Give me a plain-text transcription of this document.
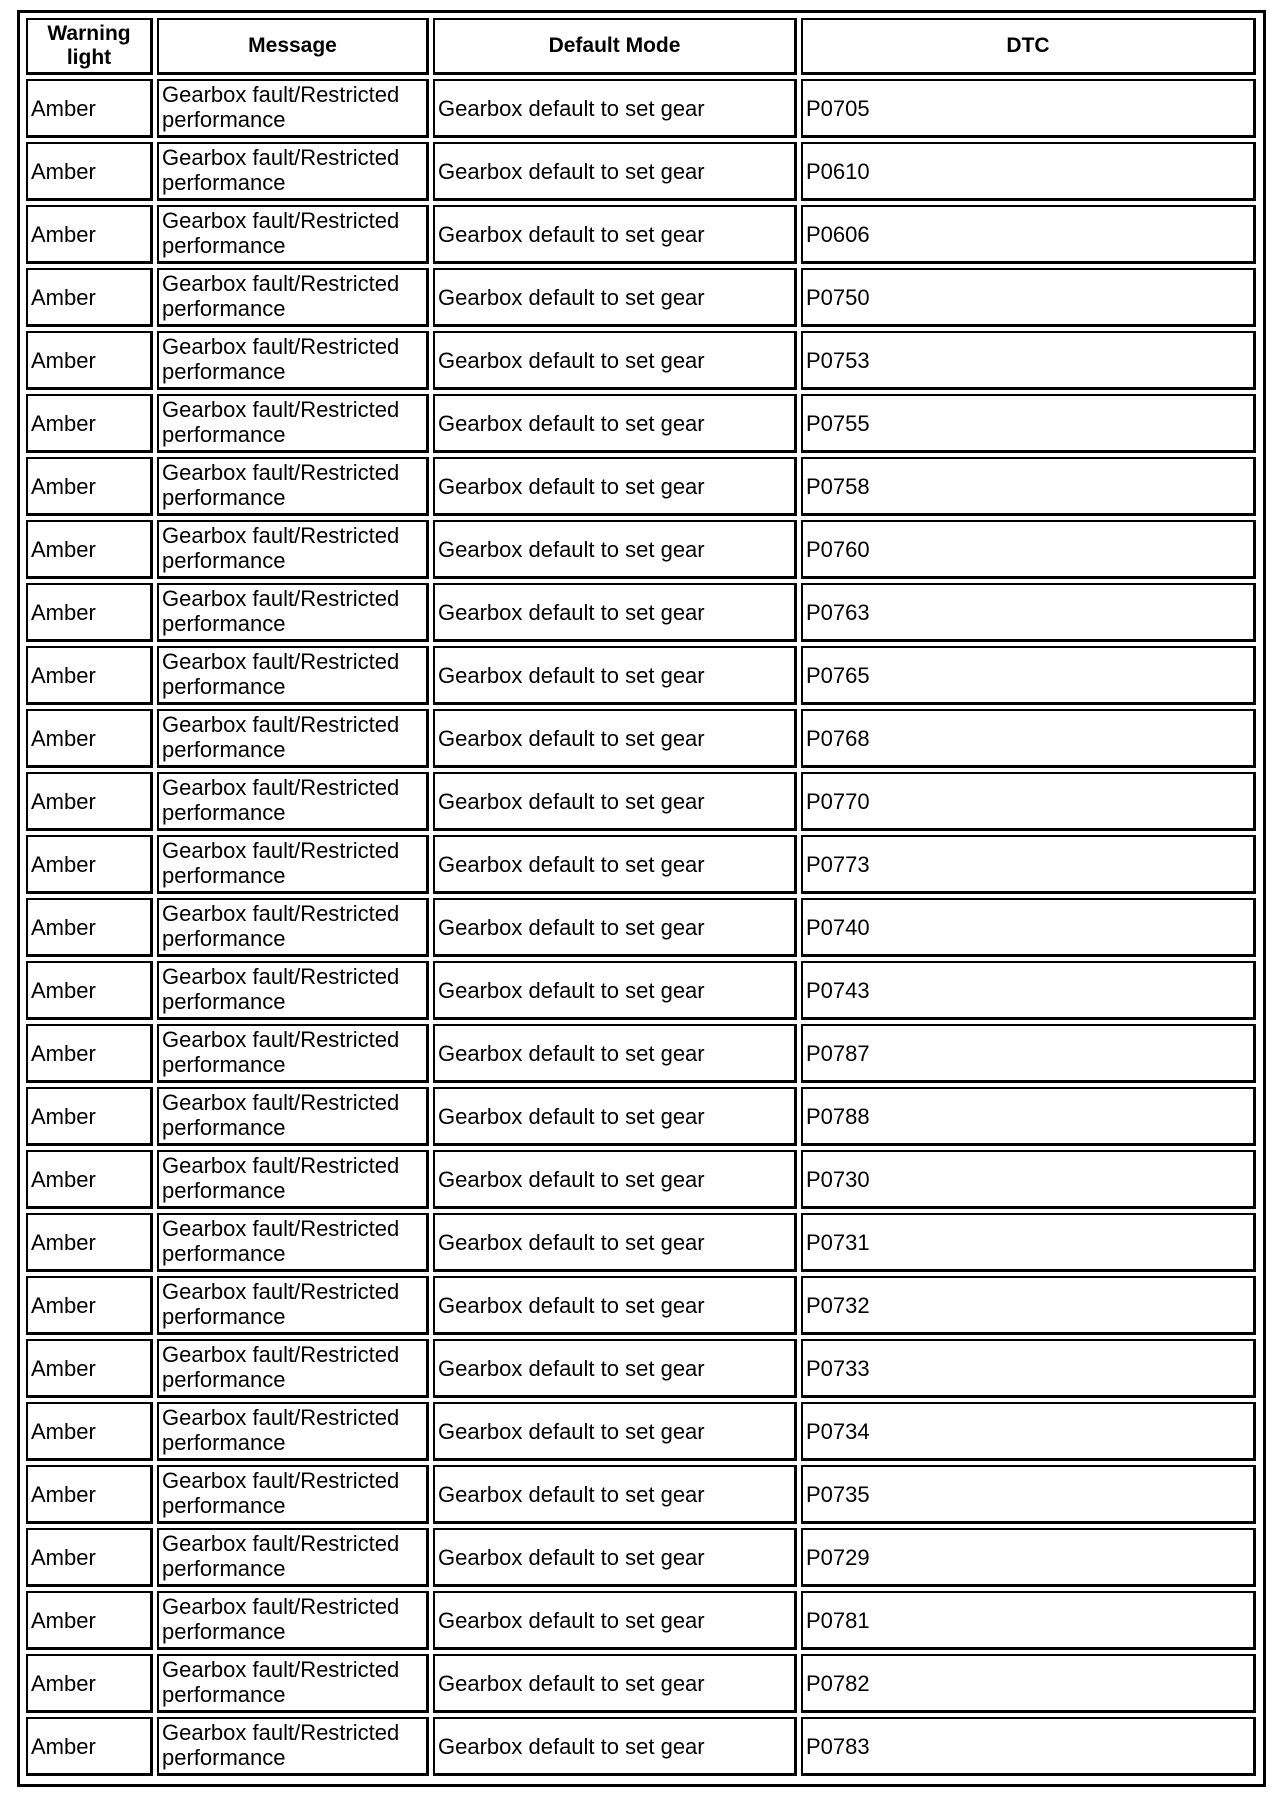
Warning light	Message	Default Mode	DTC
Amber	Gearbox fault/Restricted performance	Gearbox default to set gear	P0705
Amber	Gearbox fault/Restricted performance	Gearbox default to set gear	P0610
Amber	Gearbox fault/Restricted performance	Gearbox default to set gear	P0606
Amber	Gearbox fault/Restricted performance	Gearbox default to set gear	P0750
Amber	Gearbox fault/Restricted performance	Gearbox default to set gear	P0753
Amber	Gearbox fault/Restricted performance	Gearbox default to set gear	P0755
Amber	Gearbox fault/Restricted performance	Gearbox default to set gear	P0758
Amber	Gearbox fault/Restricted performance	Gearbox default to set gear	P0760
Amber	Gearbox fault/Restricted performance	Gearbox default to set gear	P0763
Amber	Gearbox fault/Restricted performance	Gearbox default to set gear	P0765
Amber	Gearbox fault/Restricted performance	Gearbox default to set gear	P0768
Amber	Gearbox fault/Restricted performance	Gearbox default to set gear	P0770
Amber	Gearbox fault/Restricted performance	Gearbox default to set gear	P0773
Amber	Gearbox fault/Restricted performance	Gearbox default to set gear	P0740
Amber	Gearbox fault/Restricted performance	Gearbox default to set gear	P0743
Amber	Gearbox fault/Restricted performance	Gearbox default to set gear	P0787
Amber	Gearbox fault/Restricted performance	Gearbox default to set gear	P0788
Amber	Gearbox fault/Restricted performance	Gearbox default to set gear	P0730
Amber	Gearbox fault/Restricted performance	Gearbox default to set gear	P0731
Amber	Gearbox fault/Restricted performance	Gearbox default to set gear	P0732
Amber	Gearbox fault/Restricted performance	Gearbox default to set gear	P0733
Amber	Gearbox fault/Restricted performance	Gearbox default to set gear	P0734
Amber	Gearbox fault/Restricted performance	Gearbox default to set gear	P0735
Amber	Gearbox fault/Restricted performance	Gearbox default to set gear	P0729
Amber	Gearbox fault/Restricted performance	Gearbox default to set gear	P0781
Amber	Gearbox fault/Restricted performance	Gearbox default to set gear	P0782
Amber	Gearbox fault/Restricted performance	Gearbox default to set gear	P0783
